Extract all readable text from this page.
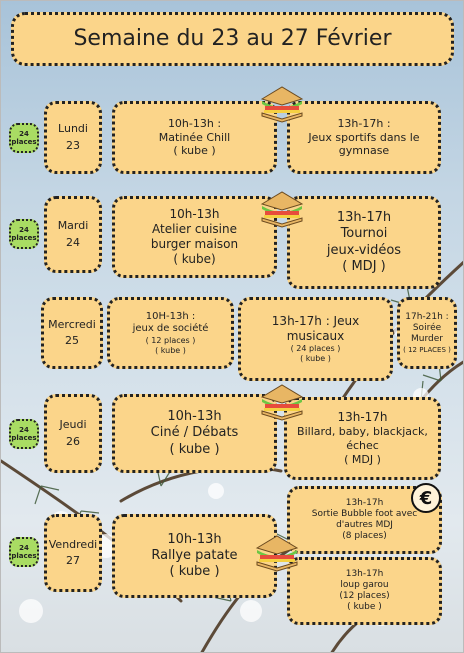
Semaine du 23 au 27 Février
24
places
Lundi
23
10h-13h :
Matinée Chill
( kube )
13h-17h :
Jeux sportifs dans le
gymnase
24
places
Mardi
24
10h-13h
Atelier cuisine
burger maison
( kube)
13h-17h
Tournoi
jeux-vidéos
( MDJ )
Mercredi
25
10H-13h :
jeux de société
( 12 places )
( kube )
13h-17h : Jeux
musicaux
( 24 places )
( kube )
17h-21h :
Soirée
Murder
( 12 PLACES )
24
places
Jeudi
26
10h-13h
Ciné / Débats
( kube )
13h-17h
Billard, baby, blackjack,
échec
( MDJ )
24
places
Vendredi
27
10h-13h
Rallye patate
( kube )
13h-17h
Sortie Bubble foot avec
d'autres MDJ
(8 places)
13h-17h
loup garou
(12 places)
( kube )
€
